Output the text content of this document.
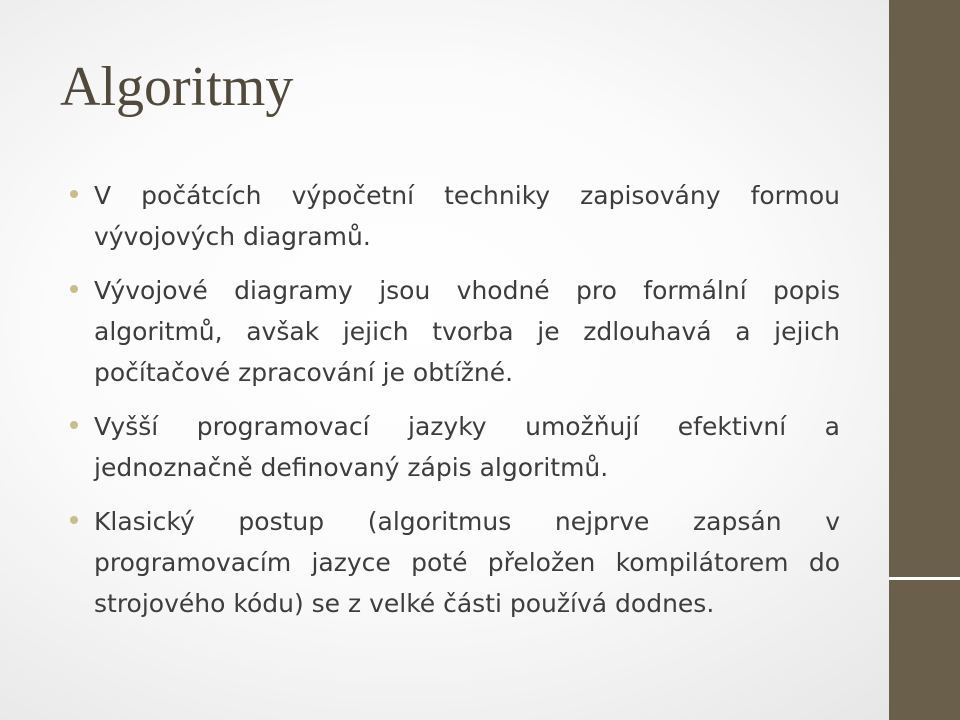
Algoritmy
V počátcích výpočetní techniky zapisovány formou vývojových diagramů.
Vývojové diagramy jsou vhodné pro formální popis algoritmů, avšak jejich tvorba je zdlouhavá a jejich počítačové zpracování je obtížné.
Vyšší programovací jazyky umožňují efektivní a jednoznačně definovaný zápis algoritmů.
Klasický postup (algoritmus nejprve zapsán v programovacím jazyce poté přeložen kompilátorem do strojového kódu) se z velké části používá dodnes.
